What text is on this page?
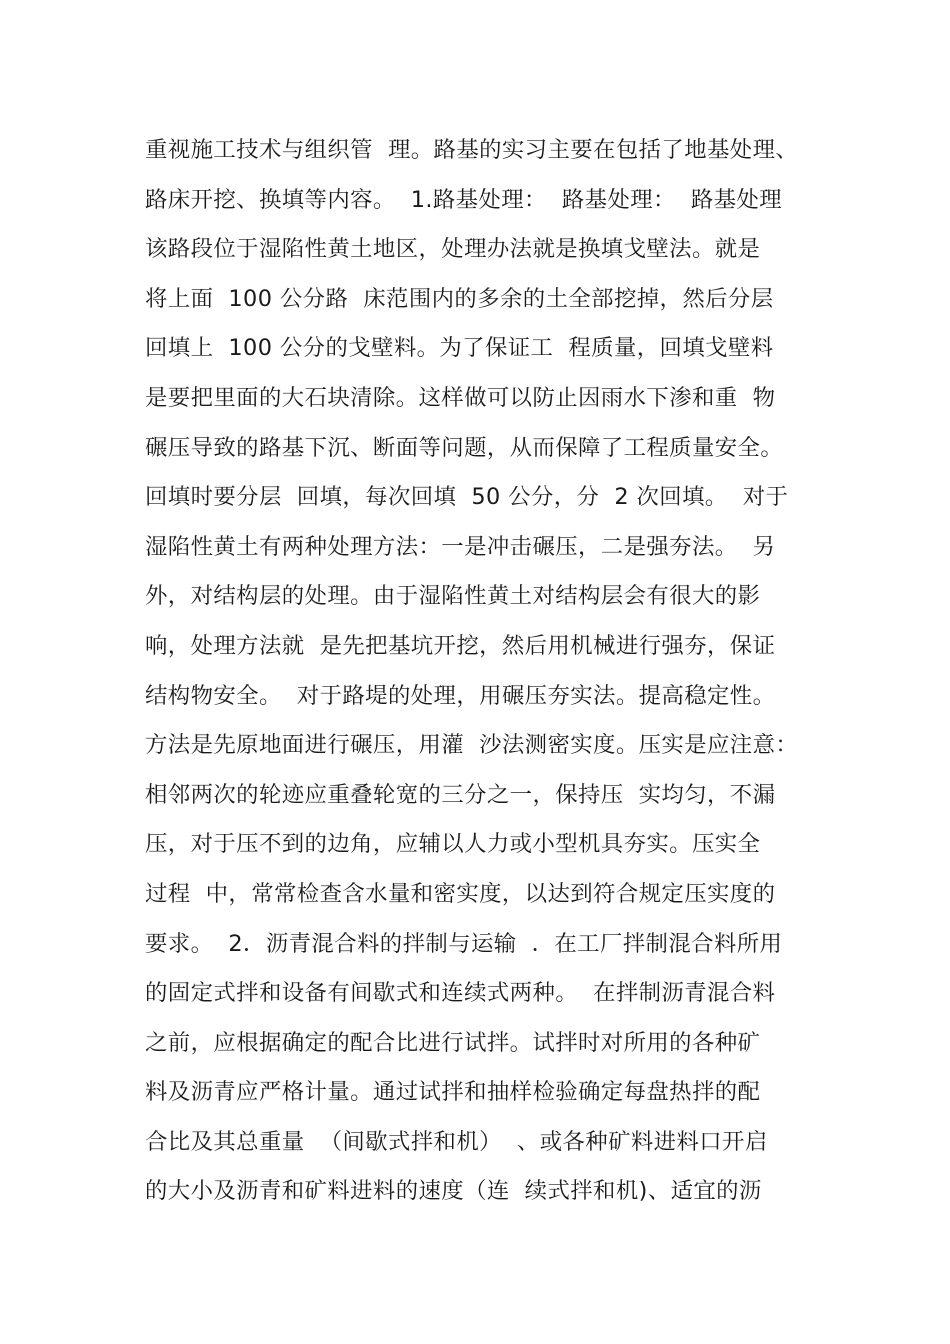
重视施工技术与组织管  理。路基的实习主要在包括了地基处理、
路床开挖、换填等内容。  1.路基处理：  路基处理：  路基处理
该路段位于湿陷性黄土地区，处理办法就是换填戈壁法。就是
将上面  100 公分路  床范围内的多余的土全部挖掉，然后分层
回填上  100 公分的戈壁料。为了保证工  程质量，回填戈壁料
是要把里面的大石块清除。这样做可以防止因雨水下渗和重  物
碾压导致的路基下沉、断面等问题，从而保障了工程质量安全。
回填时要分层  回填，每次回填  50 公分，分  2 次回填。  对于
湿陷性黄土有两种处理方法：一是冲击碾压，二是强夯法。  另
外，对结构层的处理。由于湿陷性黄土对结构层会有很大的影
响，处理方法就  是先把基坑开挖，然后用机械进行强夯，保证
结构物安全。  对于路堤的处理，用碾压夯实法。提高稳定性。
方法是先原地面进行碾压，用灌  沙法测密实度。压实是应注意：
相邻两次的轮迹应重叠轮宽的三分之一，保持压  实均匀，不漏
压，对于压不到的边角，应辅以人力或小型机具夯实。压实全
过程  中，常常检查含水量和密实度，以达到符合规定压实度的
要求。  2．沥青混合料的拌制与运输  ．在工厂拌制混合料所用
的固定式拌和设备有间歇式和连续式两种。  在拌制沥青混合料
之前，应根据确定的配合比进行试拌。试拌时对所用的各种矿
料及沥青应严格计量。通过试拌和抽样检验确定每盘热拌的配
合比及其总重量  （间歇式拌和机）  、或各种矿料进料口开启
的大小及沥青和矿料进料的速度（连  续式拌和机)、适宜的沥
